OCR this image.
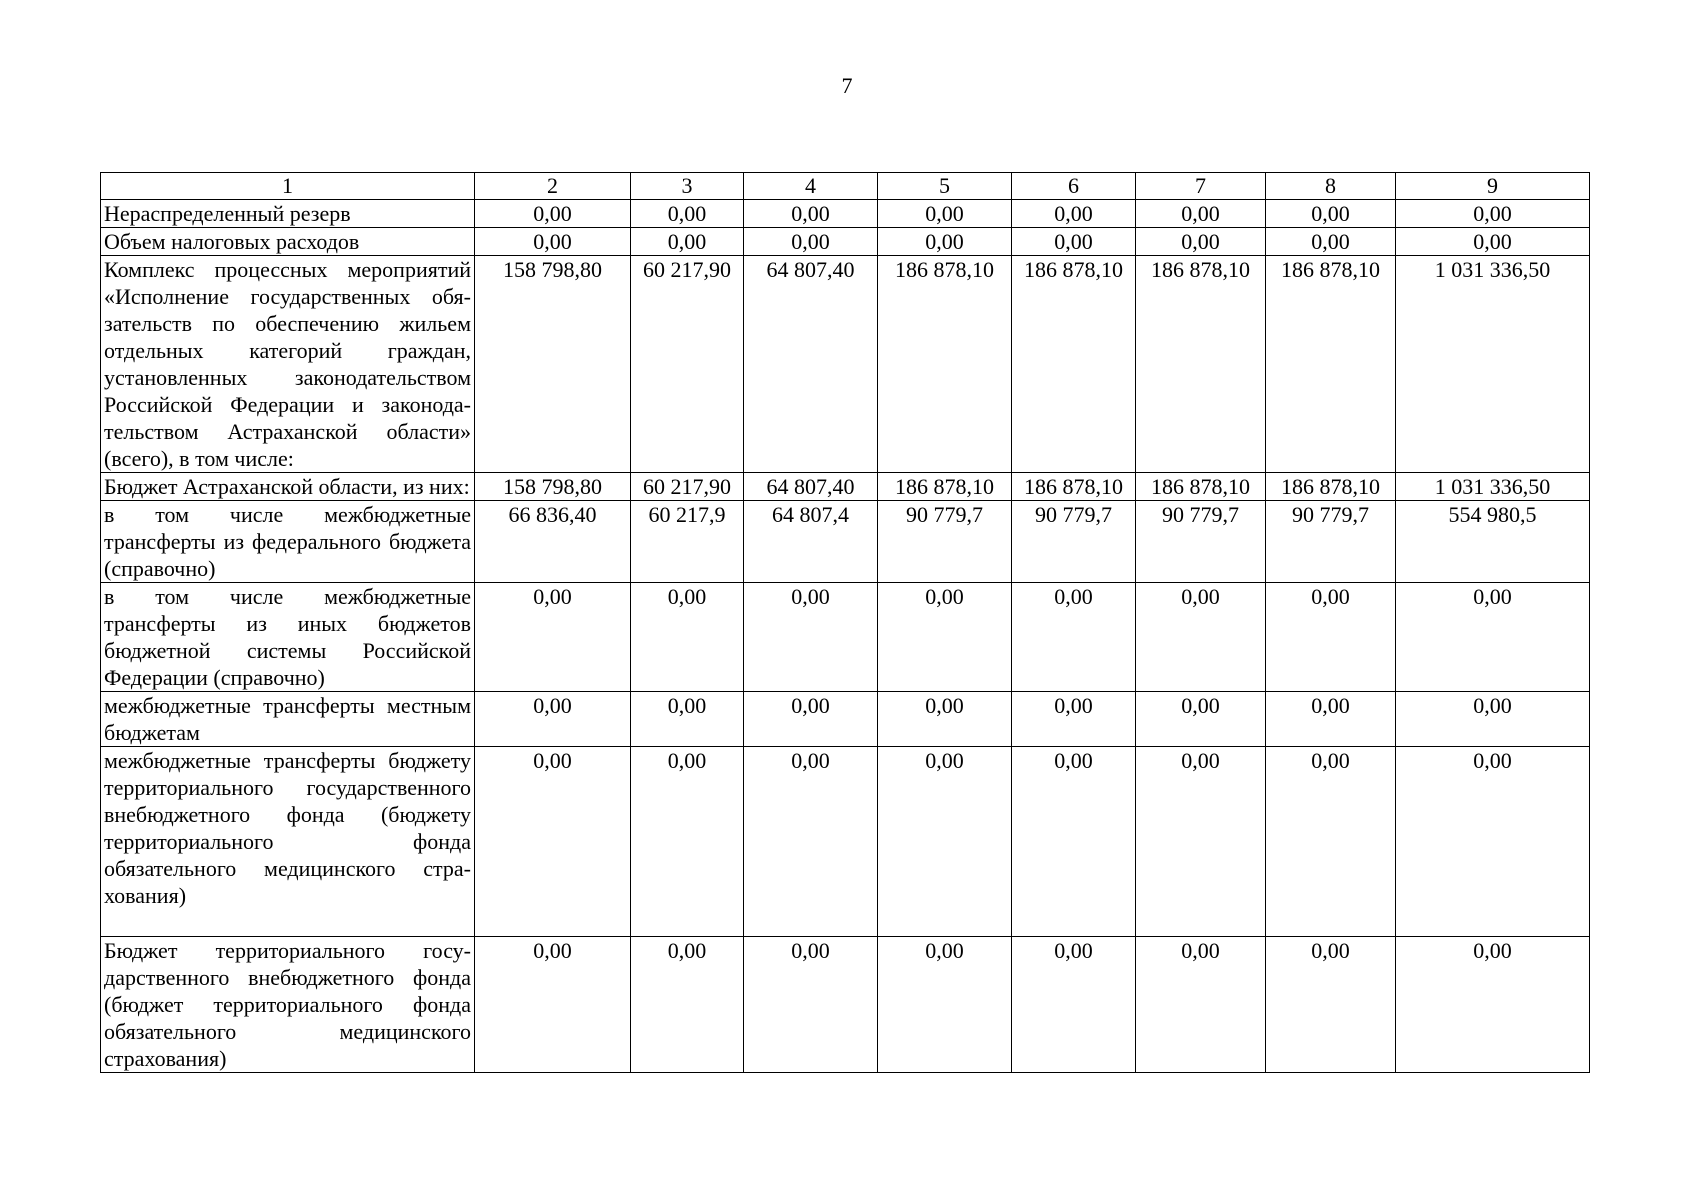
7
1	2	3	4	5	6	7	8	9
Нераспределенный резерв	0,00	0,00	0,00	0,00	0,00	0,00	0,00	0,00
Объем налоговых расходов	0,00	0,00	0,00	0,00	0,00	0,00	0,00	0,00
Комплекс процессных мероприятий «Исполнение государственных обязательств по обеспечению жильем отдельных категорий граждан, установленных законодательством Российской Федерации и законодательством Астраханской области» (всего), в том числе:	158 798,80	60 217,90	64 807,40	186 878,10	186 878,10	186 878,10	186 878,10	1 031 336,50
Бюджет Астраханской области, из них:	158 798,80	60 217,90	64 807,40	186 878,10	186 878,10	186 878,10	186 878,10	1 031 336,50
в том числе межбюджетные трансферты из федерального бюджета (справочно)	66 836,40	60 217,9	64 807,4	90 779,7	90 779,7	90 779,7	90 779,7	554 980,5
в том числе межбюджетные трансферты из иных бюджетов бюджетной системы Российской Федерации (справочно)	0,00	0,00	0,00	0,00	0,00	0,00	0,00	0,00
межбюджетные трансферты местным бюджетам	0,00	0,00	0,00	0,00	0,00	0,00	0,00	0,00
межбюджетные трансферты бюджету территориального государственного внебюджетного фонда (бюджету территориального фонда обязательного медицинского страхования)	0,00	0,00	0,00	0,00	0,00	0,00	0,00	0,00
Бюджет территориального государственного внебюджетного фонда (бюджет территориального фонда обязательного медицинского страхования)	0,00	0,00	0,00	0,00	0,00	0,00	0,00	0,00
